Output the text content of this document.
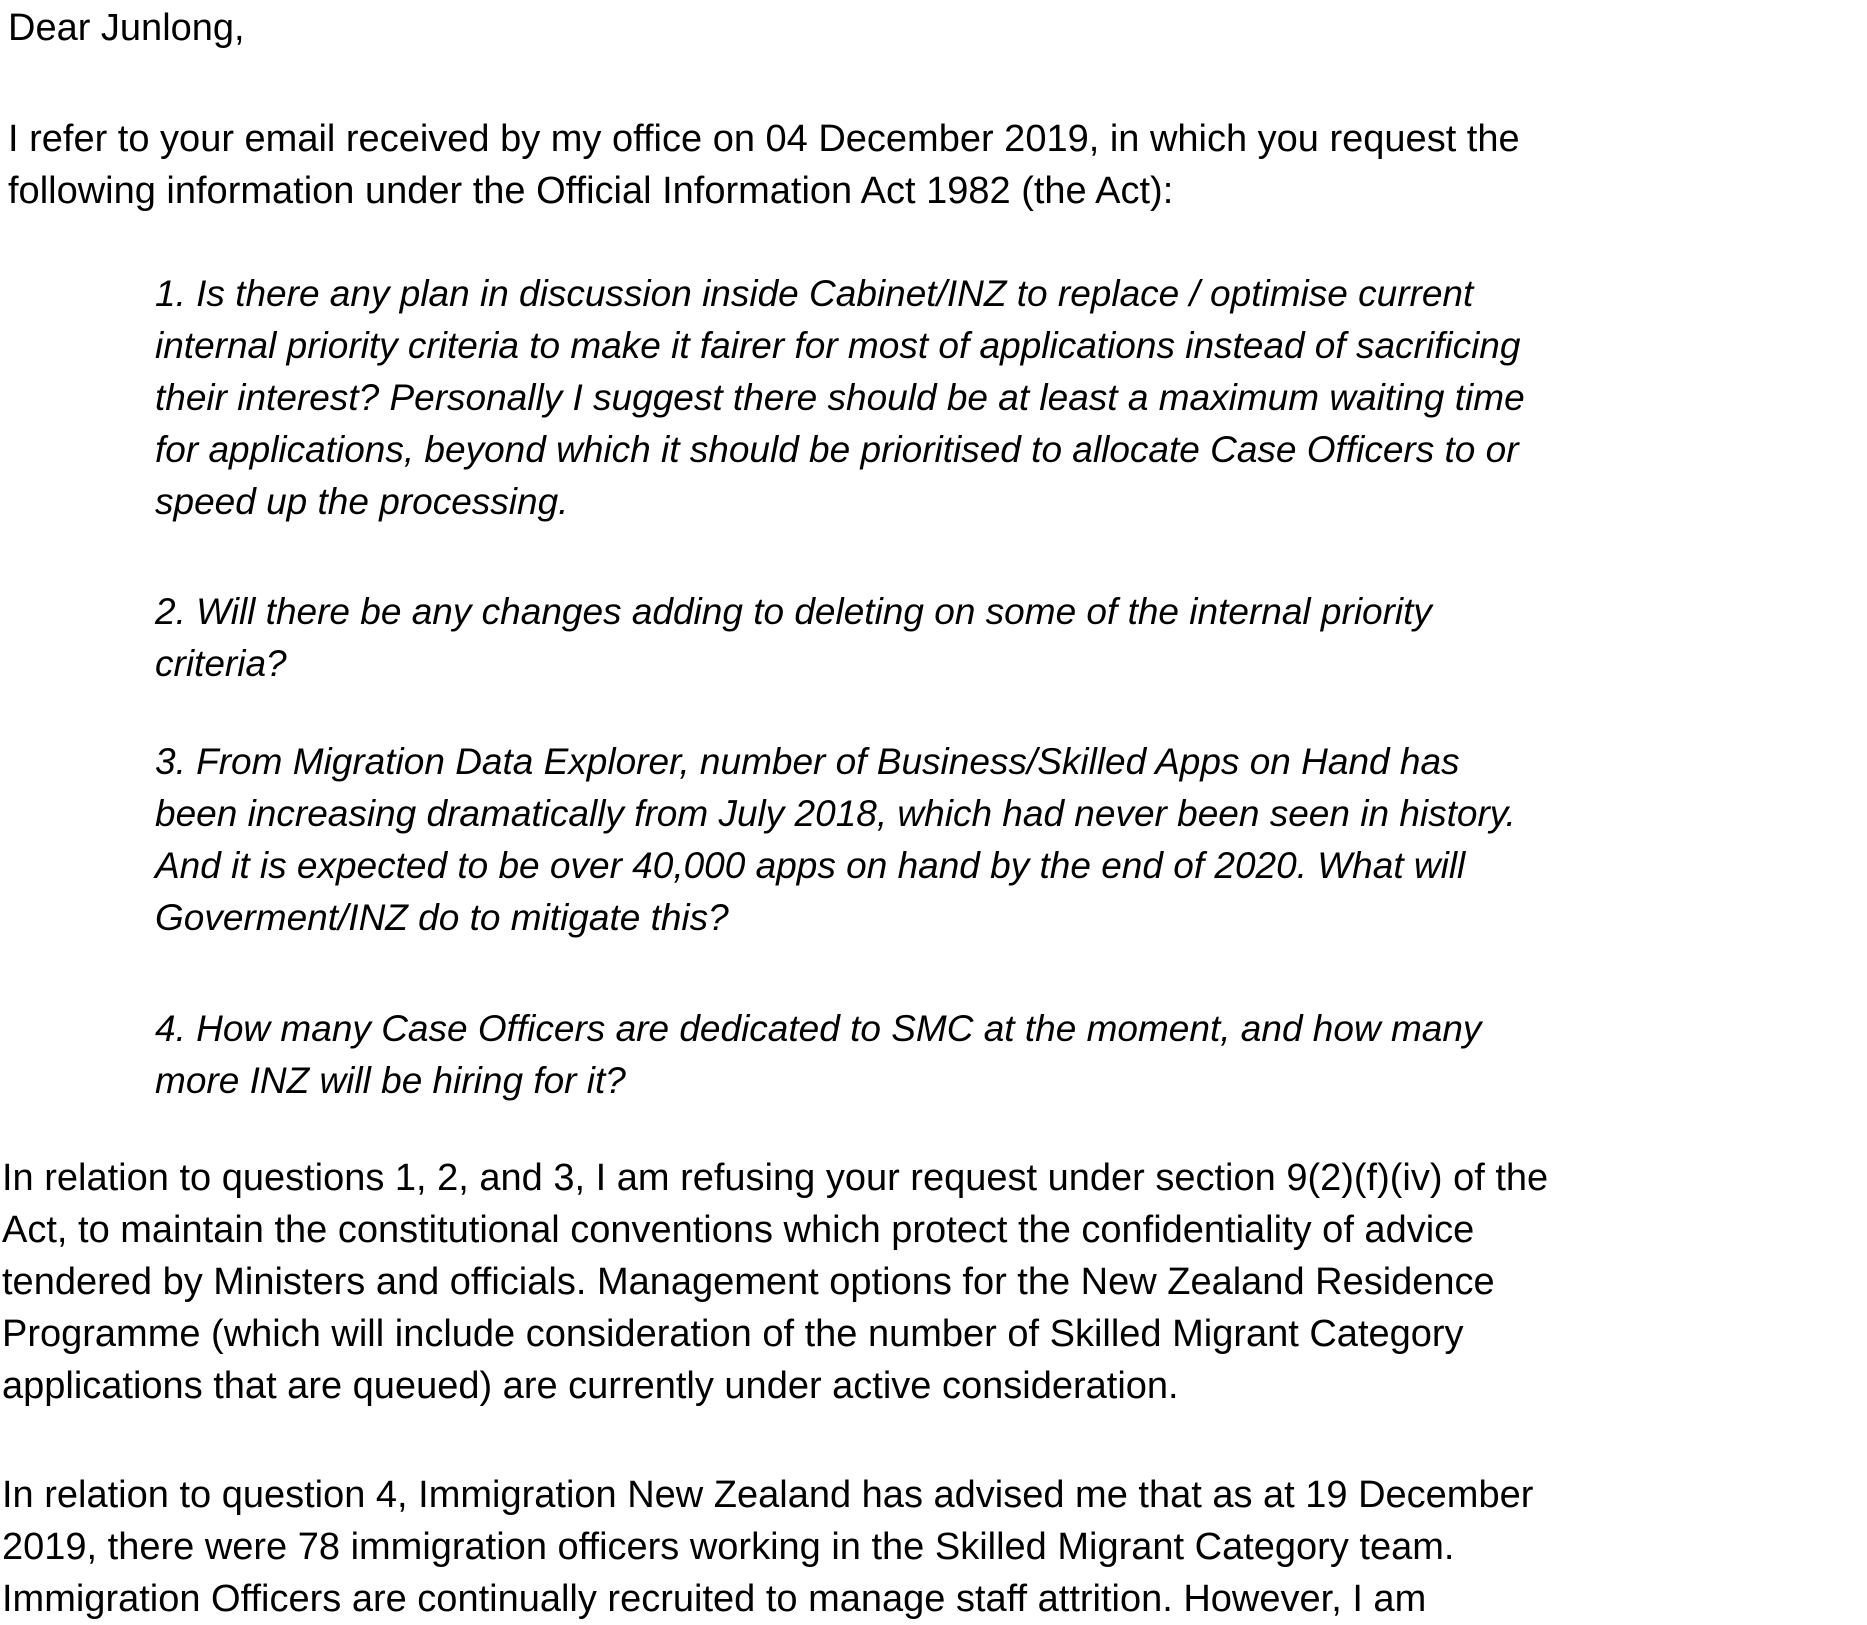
Dear Junlong,

I refer to your email received by my office on 04 December 2019, in which you request the
following information under the Official Information Act 1982 (the Act):

1. Is there any plan in discussion inside Cabinet/INZ to replace / optimise current
internal priority criteria to make it fairer for most of applications instead of sacrificing
their interest? Personally I suggest there should be at least a maximum waiting time
for applications, beyond which it should be prioritised to allocate Case Officers to or
speed up the processing.

2. Will there be any changes adding to deleting on some of the internal priority
criteria?

3. From Migration Data Explorer, number of Business/Skilled Apps on Hand has
been increasing dramatically from July 2018, which had never been seen in history.
And it is expected to be over 40,000 apps on hand by the end of 2020. What will
Goverment/INZ do to mitigate this?

4. How many Case Officers are dedicated to SMC at the moment, and how many
more INZ will be hiring for it?

In relation to questions 1, 2, and 3, I am refusing your request under section 9(2)(f)(iv) of the
Act, to maintain the constitutional conventions which protect the confidentiality of advice
tendered by Ministers and officials. Management options for the New Zealand Residence
Programme (which will include consideration of the number of Skilled Migrant Category
applications that are queued) are currently under active consideration.

In relation to question 4, Immigration New Zealand has advised me that as at 19 December
2019, there were 78 immigration officers working in the Skilled Migrant Category team.
Immigration Officers are continually recruited to manage staff attrition. However, I am
